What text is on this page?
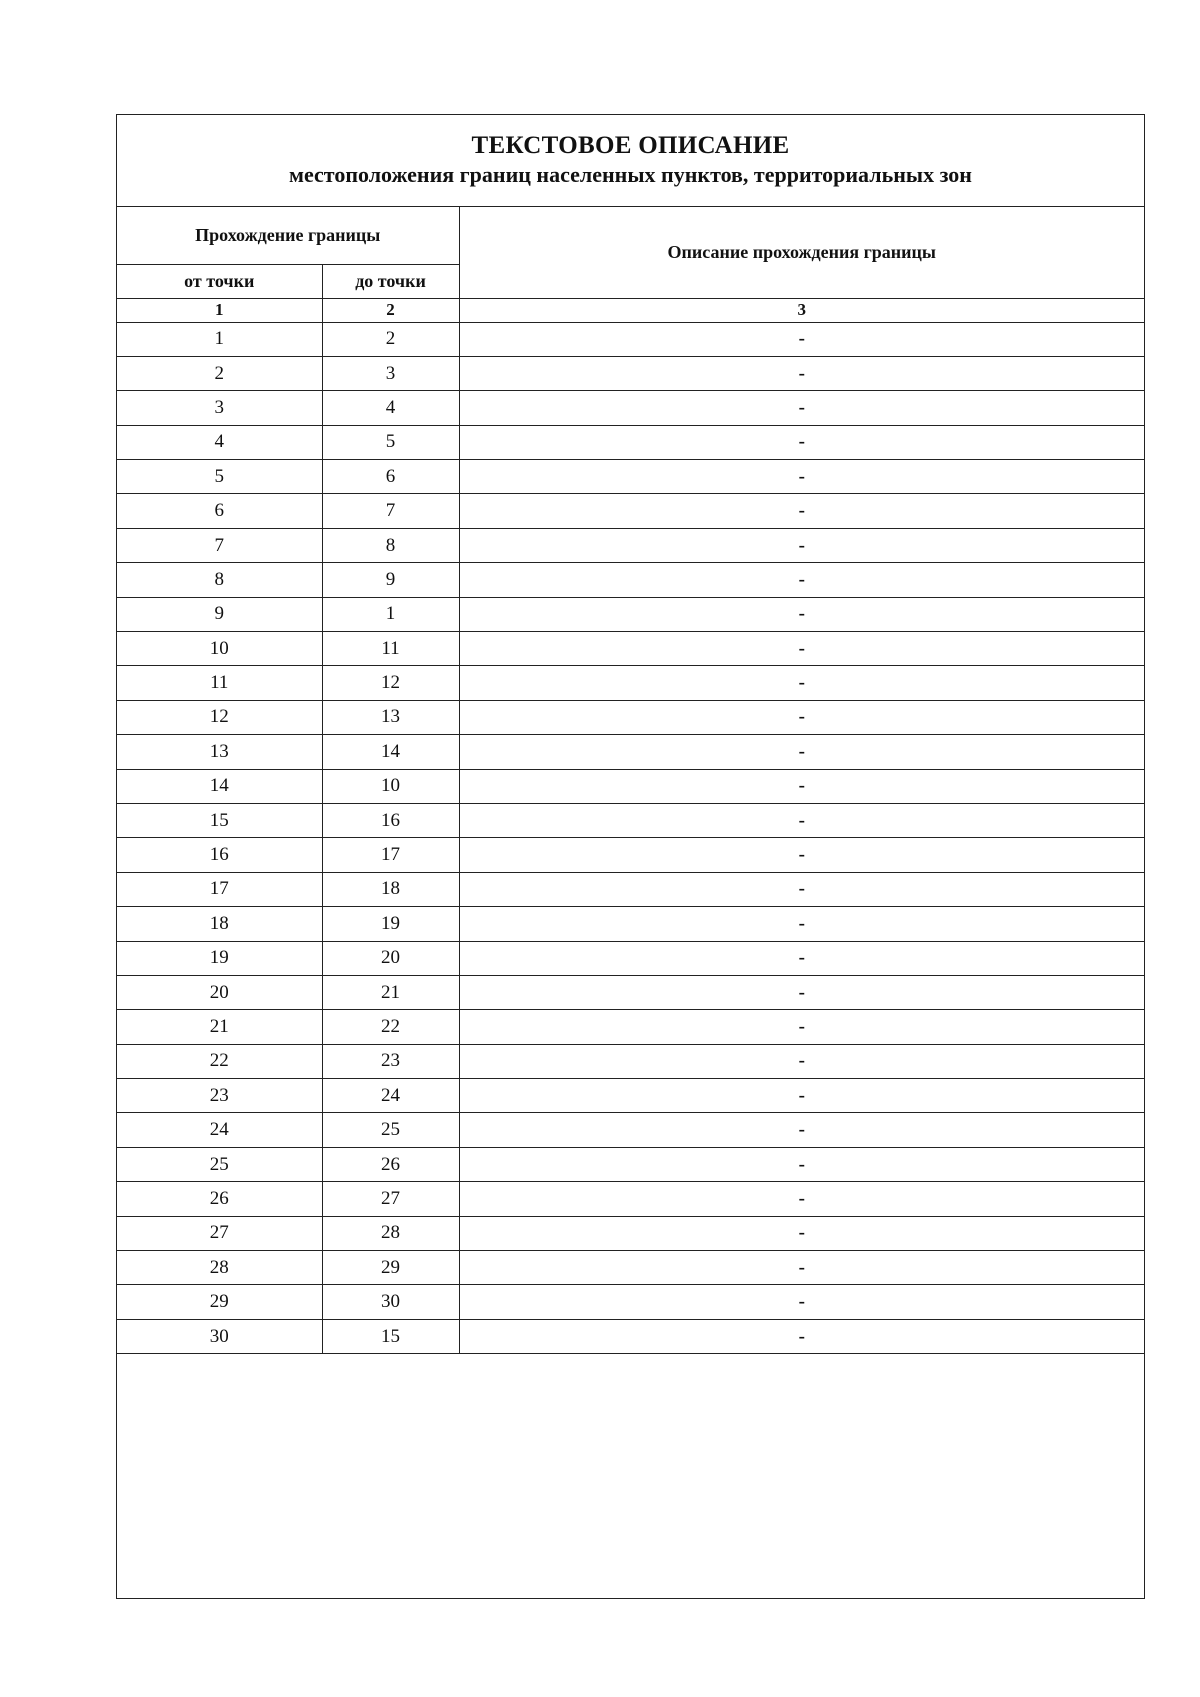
ТЕКСТОВОЕ ОПИСАНИЕ
местоположения границ населенных пунктов, территориальных зон
Прохождение границы		Описание прохождения границы
от точки	до точки	
1	2	3
1	2	-
2	3	-
3	4	-
4	5	-
5	6	-
6	7	-
7	8	-
8	9	-
9	1	-
10	11	-
11	12	-
12	13	-
13	14	-
14	10	-
15	16	-
16	17	-
17	18	-
18	19	-
19	20	-
20	21	-
21	22	-
22	23	-
23	24	-
24	25	-
25	26	-
26	27	-
27	28	-
28	29	-
29	30	-
30	15	-
